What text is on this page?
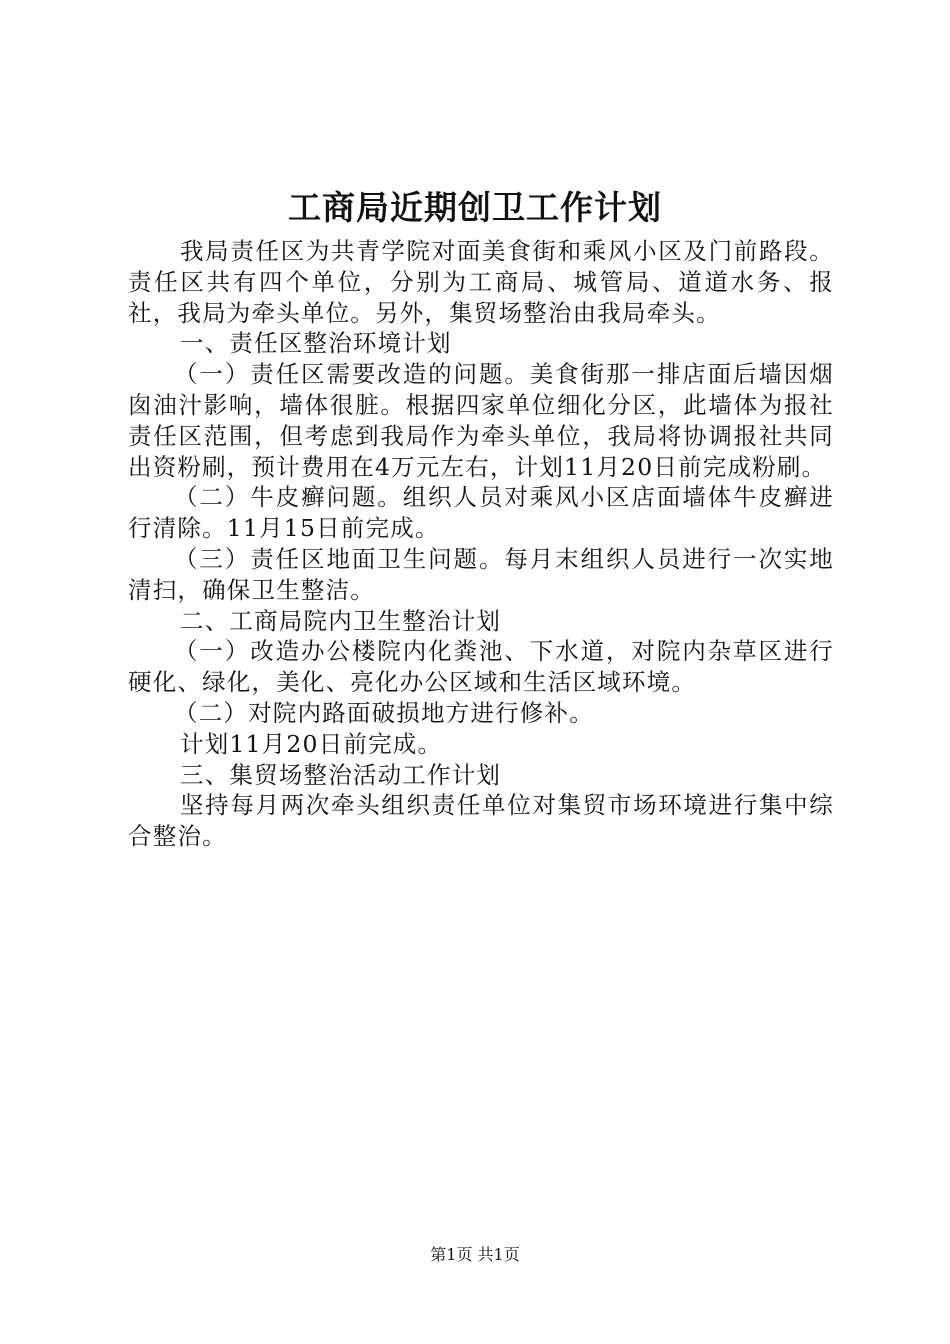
工商局近期创卫工作计划

我局责任区为共青学院对面美食街和乘风小区及门前路段。责任区共有四个单位，分别为工商局、城管局、道道水务、报社，我局为牵头单位。另外，集贸场整治由我局牵头。

一、责任区整治环境计划

（一）责任区需要改造的问题。美食街那一排店面后墙因烟囱油汁影响，墙体很脏。根据四家单位细化分区，此墙体为报社责任区范围，但考虑到我局作为牵头单位，我局将协调报社共同出资粉刷，预计费用在4万元左右，计划11月20日前完成粉刷。

（二）牛皮癣问题。组织人员对乘风小区店面墙体牛皮癣进行清除。11月15日前完成。

（三）责任区地面卫生问题。每月末组织人员进行一次实地清扫，确保卫生整洁。

二、工商局院内卫生整治计划

（一）改造办公楼院内化粪池、下水道，对院内杂草区进行硬化、绿化，美化、亮化办公区域和生活区域环境。

（二）对院内路面破损地方进行修补。

计划11月20日前完成。

三、集贸场整治活动工作计划

坚持每月两次牵头组织责任单位对集贸市场环境进行集中综合整治。

第1页 共1页
